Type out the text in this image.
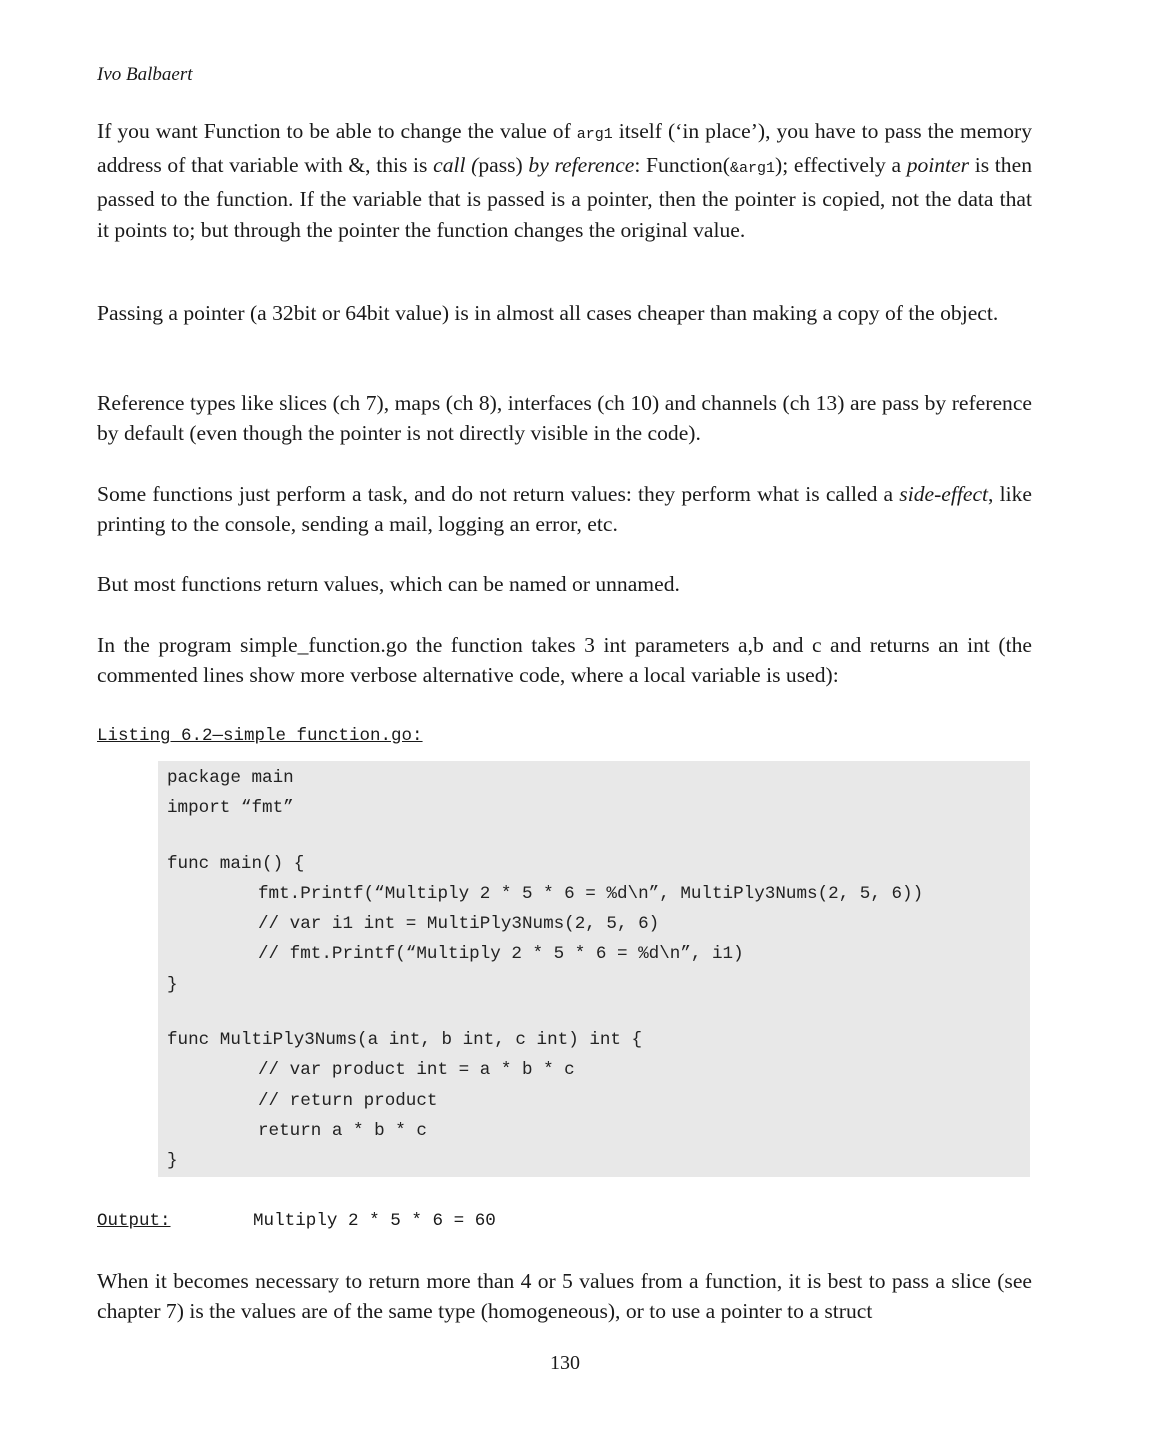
Ivo Balbaert
If you want Function to be able to change the value of arg1 itself (‘in place’), you have to pass the memory address of that variable with &, this is call (pass) by reference: Function(&arg1); effectively a pointer is then passed to the function. If the variable that is passed is a pointer, then the pointer is copied, not the data that it points to; but through the pointer the function changes the original value.
Passing a pointer (a 32bit or 64bit value) is in almost all cases cheaper than making a copy of the object.
Reference types like slices (ch 7), maps (ch 8), interfaces (ch 10) and channels (ch 13) are pass by reference by default (even though the pointer is not directly visible in the code).
Some functions just perform a task, and do not return values: they perform what is called a side-effect, like printing to the console, sending a mail, logging an error, etc.
But most functions return values, which can be named or unnamed.
In the program simple_function.go the function takes 3 int parameters a,b and c and returns an int (the commented lines show more verbose alternative code, where a local variable is used):
Listing 6.2—simple_function.go:
package main
import “fmt”
func main() {
fmt.Printf(“Multiply 2 * 5 * 6 = %d\n”, MultiPly3Nums(2, 5, 6))
// var i1 int = MultiPly3Nums(2, 5, 6)
// fmt.Printf(“Multiply 2 * 5 * 6 = %d\n”, i1)
}
func MultiPly3Nums(a int, b int, c int) int {
// var product int = a * b * c
// return product
return a * b * c
}
Output:	Multiply 2 * 5 * 6 = 60
When it becomes necessary to return more than 4 or 5 values from a function, it is best to pass a slice (see chapter 7) is the values are of the same type (homogeneous), or to use a pointer to a struct
130
